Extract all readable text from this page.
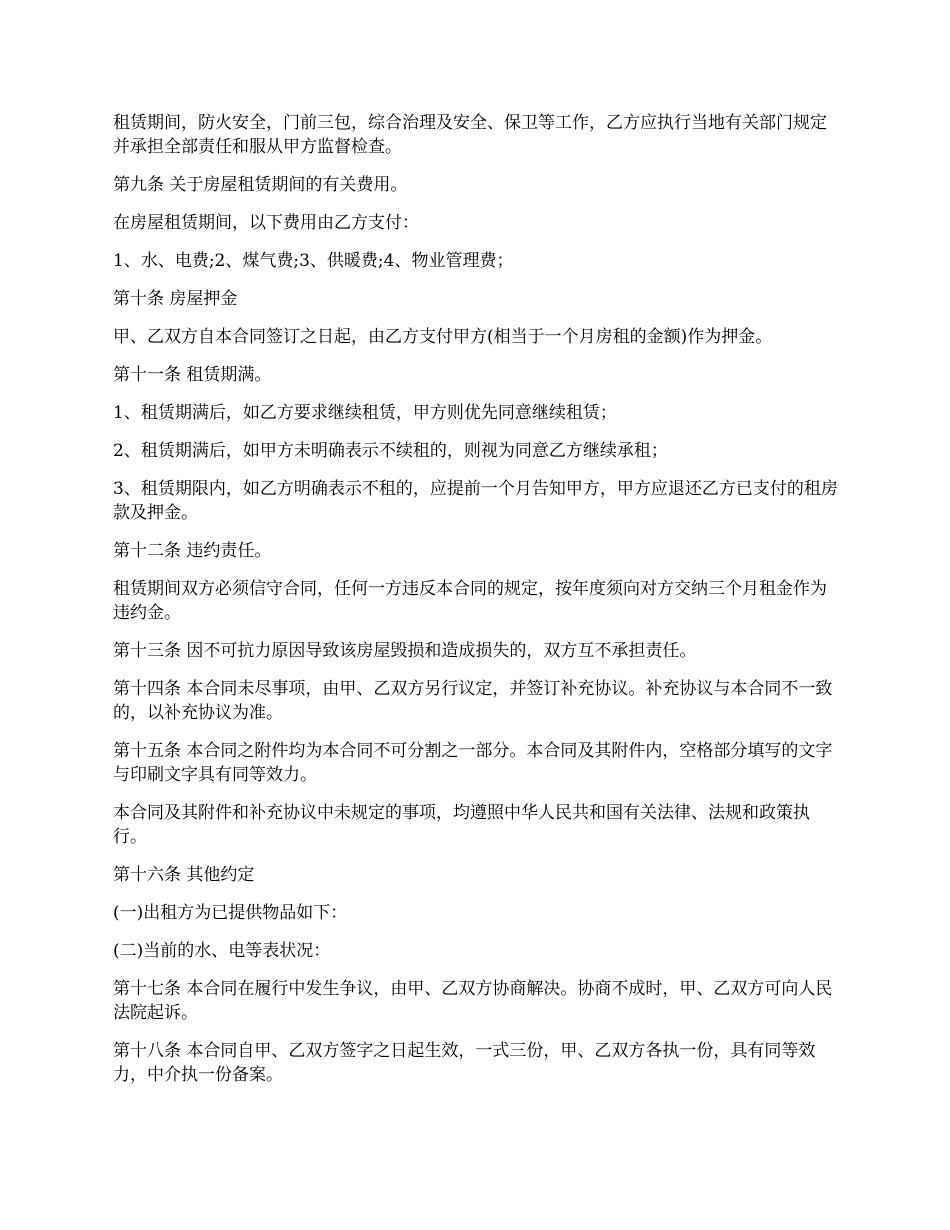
租赁期间，防火安全，门前三包，综合治理及安全、保卫等工作，乙方应执行当地有关部门规定并承担全部责任和服从甲方监督检查。

第九条 关于房屋租赁期间的有关费用。

在房屋租赁期间，以下费用由乙方支付：

1、水、电费;2、煤气费;3、供暖费;4、物业管理费；

第十条 房屋押金

甲、乙双方自本合同签订之日起，由乙方支付甲方(相当于一个月房租的金额)作为押金。

第十一条 租赁期满。

1、租赁期满后，如乙方要求继续租赁，甲方则优先同意继续租赁；

2、租赁期满后，如甲方未明确表示不续租的，则视为同意乙方继续承租；

3、租赁期限内，如乙方明确表示不租的，应提前一个月告知甲方，甲方应退还乙方已支付的租房款及押金。

第十二条 违约责任。

租赁期间双方必须信守合同，任何一方违反本合同的规定，按年度须向对方交纳三个月租金作为违约金。

第十三条 因不可抗力原因导致该房屋毁损和造成损失的，双方互不承担责任。

第十四条 本合同未尽事项，由甲、乙双方另行议定，并签订补充协议。补充协议与本合同不一致的，以补充协议为准。

第十五条 本合同之附件均为本合同不可分割之一部分。本合同及其附件内，空格部分填写的文字与印刷文字具有同等效力。

本合同及其附件和补充协议中未规定的事项，均遵照中华人民共和国有关法律、法规和政策执行。

第十六条 其他约定

(一)出租方为已提供物品如下：

(二)当前的水、电等表状况：

第十七条 本合同在履行中发生争议，由甲、乙双方协商解决。协商不成时，甲、乙双方可向人民法院起诉。

第十八条 本合同自甲、乙双方签字之日起生效，一式三份，甲、乙双方各执一份，具有同等效力，中介执一份备案。
